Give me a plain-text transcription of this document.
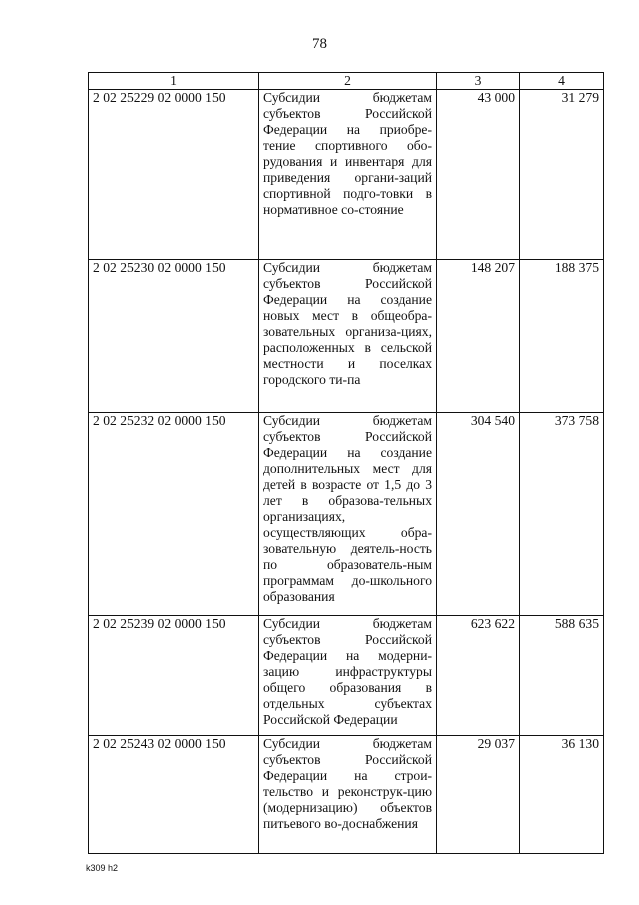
78
1	2	3	4
2 02 25229 02 0000 150	Субсидии бюджетам субъектов Российской Федерации на приобре-тение спортивного обо-рудования и инвентаря для приведения органи-заций спортивной подго-товки в нормативное со-стояние	43 000	31 279
2 02 25230 02 0000 150	Субсидии бюджетам субъектов Российской Федерации на создание новых мест в общеобра-зовательных организа-циях, расположенных в сельской местности и поселках городского ти-па	148 207	188 375
2 02 25232 02 0000 150	Субсидии бюджетам субъектов Российской Федерации на создание дополнительных мест для детей в возрасте от 1,5 до 3 лет в образова-тельных организациях, осуществляющих обра-зовательную деятель-ность по образователь-ным программам до-школьного образования	304 540	373 758
2 02 25239 02 0000 150	Субсидии бюджетам субъектов Российской Федерации на модерни-зацию инфраструктуры общего образования в отдельных субъектах Российской Федерации	623 622	588 635
2 02 25243 02 0000 150	Субсидии бюджетам субъектов Российской Федерации на строи-тельство и реконструк-цию (модернизацию) объектов питьевого во-доснабжения	29 037	36 130
k309 h2
